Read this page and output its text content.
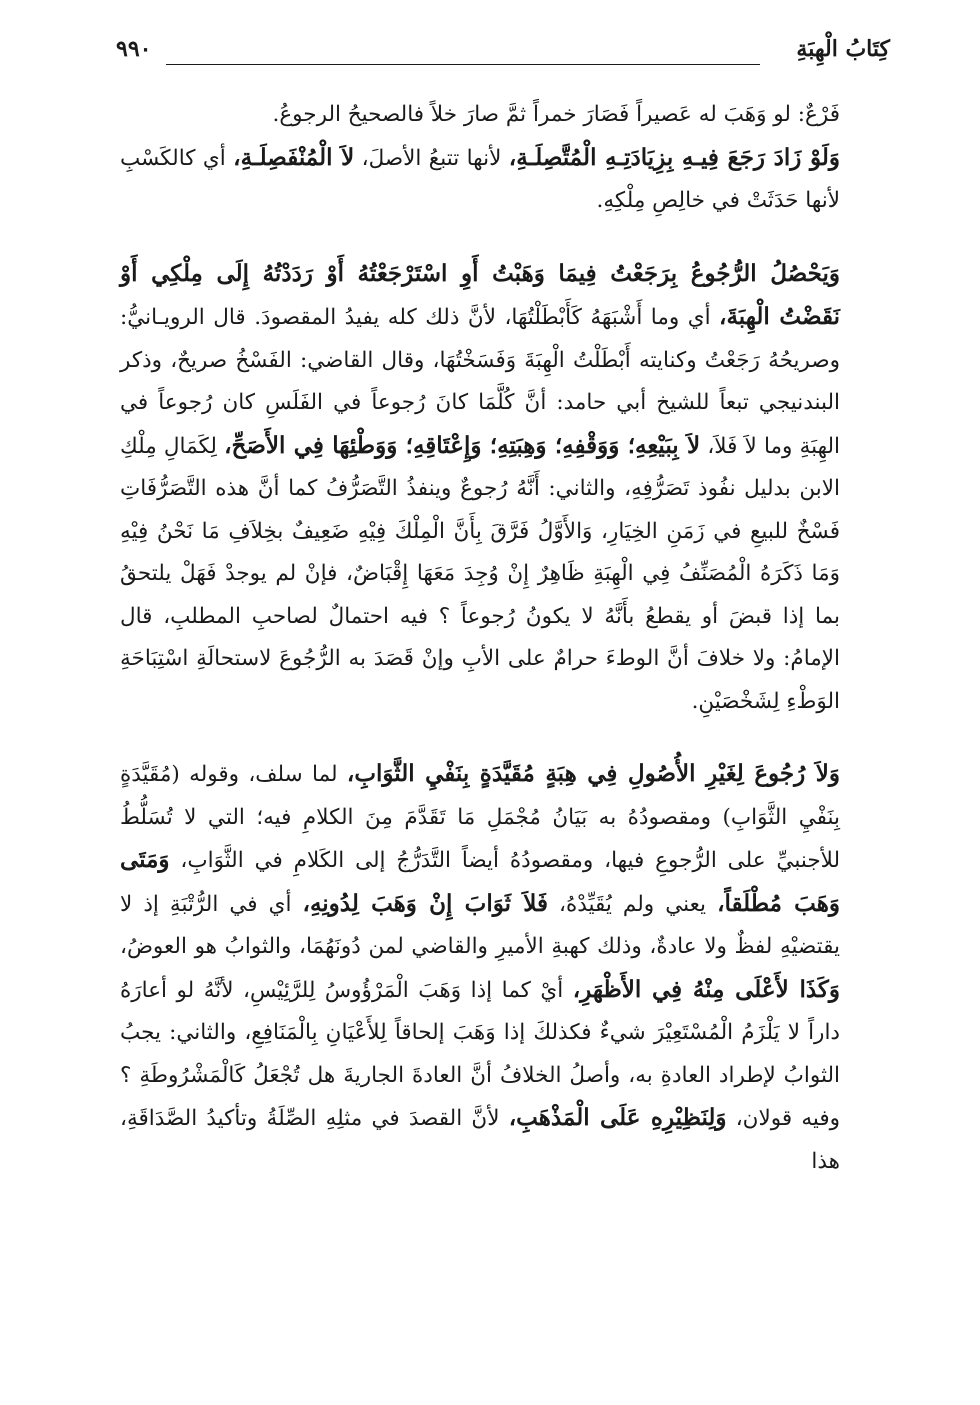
كِتَابُ الْهِبَةِ
٩٩٠

فَرْعٌ: لو وَهَبَ له عَصيراً فَصَارَ خمراً ثمَّ صارَ خلاً فالصحيحُ الرجوعُ.

وَلَوْ زَادَ رَجَعَ فِيـهِ بِزِيَادَتِـهِ الْمُتَّصِلَـةِ، لأنها تتبعُ الأصلَ، لاَ الْمُنْفَصِلَـةِ، أي كالكَسْبِ لأنها حَدَثَتْ في خالِصِ مِلْكِهِ.

وَيَحْصُلُ الرُّجُوعُ بِرَجَعْتُ فِيمَا وَهَبْتُ أَوِ اسْتَرْجَعْتُهُ أَوْ رَدَدْتُهُ إِلَى مِلْكِي أَوْ نَقَضْتُ الْهِبَةَ، أي وما أَشْبَهَهُ كَأَبْطَلْتُهَا، لأنَّ ذلك كله يفيدُ المقصودَ. قال الرويـانيُّ: وصريحُهُ رَجَعْتُ وكنايته أَبْطَلْتُ الْهِبَةَ وَفَسَخْتُهَا، وقال القاضي: الفَسْخُ صريحٌ، وذكر البندنيجي تبعاً للشيخ أبي حامد: أنَّ كُلَّمَا كانَ رُجوعاً في الفَلَسِ كان رُجوعاً في الهِبَةِ وما لاَ فَلاَ، لاَ بِبَيْعِهِ؛ وَوَقْفِهِ؛ وَهِبَتِهِ؛ وَإِعْتَاقِهِ؛ وَوَطْئِهَا فِي الأَصَحِّ، لِكَمَالِ مِلْكِ الابن بدليل نفُوذ تَصَرُّفِهِ، والثاني: أَنَّهُ رُجوعٌ وينفذُ التَّصَرُّفُ كما أنَّ هذه التَّصَرُّفَاتِ فَسْخٌ للبيعِ في زَمَنِ الخِيَارِ، وَالأَوَّلُ فَرَّقَ بِأَنَّ الْمِلْكَ فِيْهِ ضَعِيفٌ بخِلاَفِ مَا نَحْنُ فِيْهِ وَمَا ذَكَرَهُ الْمُصَنِّفُ فِي الْهِبَةِ ظَاهِرٌ إِنْ وُجِدَ مَعَهَا إِقْبَاضٌ، فإنْ لم يوجدْ فَهَلْ يلتحقُ بما إذا قبضَ أو يقطعُ بأَنَّهُ لا يكونُ رُجوعاً ؟ فيه احتمالٌ لصاحبِ المطلبِ، قال الإمامُ: ولا خلافَ أنَّ الوطءَ حرامٌ على الأبِ وإنْ قَصَدَ به الرُّجُوعَ لاستحالَةِ اسْتِبَاحَةِ الوَطْءِ لِشَخْصَيْنِ.

وَلاَ رُجُوعَ لِغَيْرِ الأُصُولِ فِي هِبَةٍ مُقَيَّدَةٍ بِنَفْيِ الثَّوَابِ، لما سلف، وقوله (مُقَيَّدَةٍ بِنَفْيِ الثَّوَابِ) ومقصودُهُ به بَيَانُ مُجْمَلِ مَا تَقَدَّمَ مِنَ الكلامِ فيه؛ التي لا تُسَلُّطُ للأجنبيِّ على الرُّجوعِ فيها، ومقصودُهُ أيضاً التَّدَرُّجُ إلى الكَلامِ في الثَّوَابِ، وَمَتَى وَهَبَ مُطْلَقاً، يعني ولم يُقَيِّدْهُ، فَلاَ ثَوَابَ إِنْ وَهَبَ لِدُونِهِ، أي في الرُّتْبَةِ إذ لا يقتضيْهِ لفظٌ ولا عادةٌ، وذلك كهبةِ الأميرِ والقاضي لمن دُونَهُمَا، والثوابُ هو العوضُ، وَكَذَا لأَعْلَى مِنْهُ فِي الأَظْهَرِ، أيْ كما إذا وَهَبَ الْمَرْؤُوسُ لِلرَّئِيْسِ، لأنَّهُ لو أعارَهُ داراً لا يَلْزَمُ الْمُسْتَعِيْرَ شيءٌ فكذلكَ إذا وَهَبَ إلحاقاً لِلأَعْيَانِ بِالْمَنَافِعِ، والثاني: يجبُ الثوابُ لإطراد العادةِ به، وأصلُ الخلافُ أنَّ العادةَ الجاريةَ هل تُجْعَلُ كَالْمَشْرُوطَةِ ؟ وفيه قولان، وَلِنَظِيْرِهِ عَلَى الْمَذْهَبِ، لأنَّ القصدَ في مثلِهِ الصِّلَةُ وتأكيدُ الصَّدَاقَةِ، هذا
